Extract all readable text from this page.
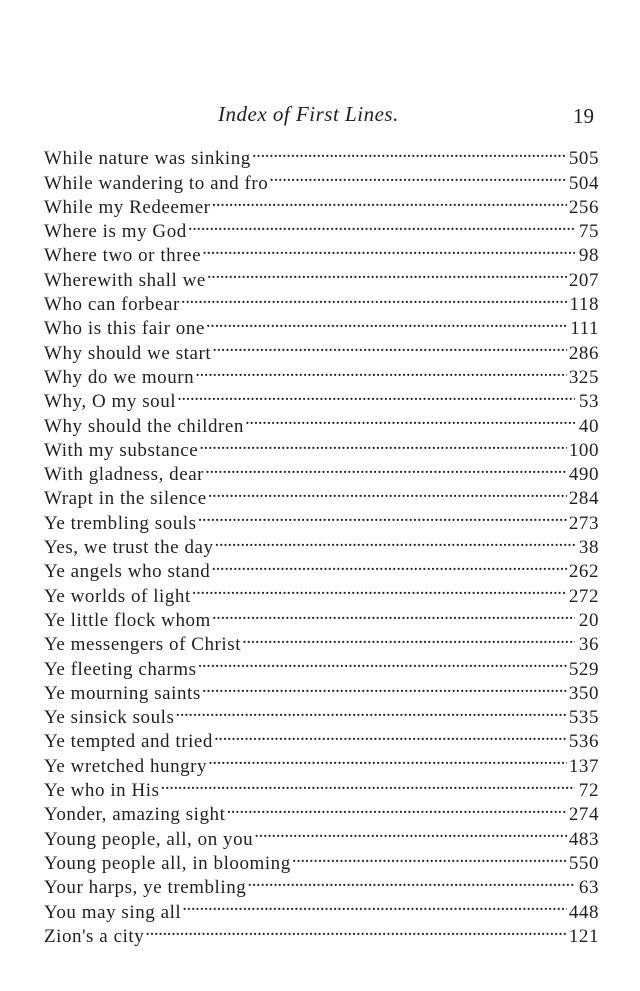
Index of First Lines.	19
While nature was sinking . . .	505
While wandering to and fro . . .	504
While my Redeemer . . .	256
Where is my God . . .	75
Where two or three . . .	98
Wherewith shall we . . .	207
Who can forbear . . .	118
Who is this fair one . . .	111
Why should we start . . .	286
Why do we mourn . . .	325
Why, O my soul . . .	53
Why should the children . . .	40
With my substance . . .	100
With gladness, dear . . .	490
Wrapt in the silence . . .	284
Ye trembling souls . . .	273
Yes, we trust the day . . .	38
Ye angels who stand . . .	262
Ye worlds of light . . .	272
Ye little flock whom . . .	20
Ye messengers of Christ . . .	36
Ye fleeting charms . . .	529
Ye mourning saints . . .	350
Ye sinsick souls . . .	535
Ye tempted and tried . . .	536
Ye wretched hungry . . .	137
Ye who in His . . .	72
Yonder, amazing sight . . .	274
Young people, all, on you . . .	483
Young people all, in blooming . . .	550
Your harps, ye trembling . . .	63
You may sing all . . .	448
Zion's a city . . .	121
